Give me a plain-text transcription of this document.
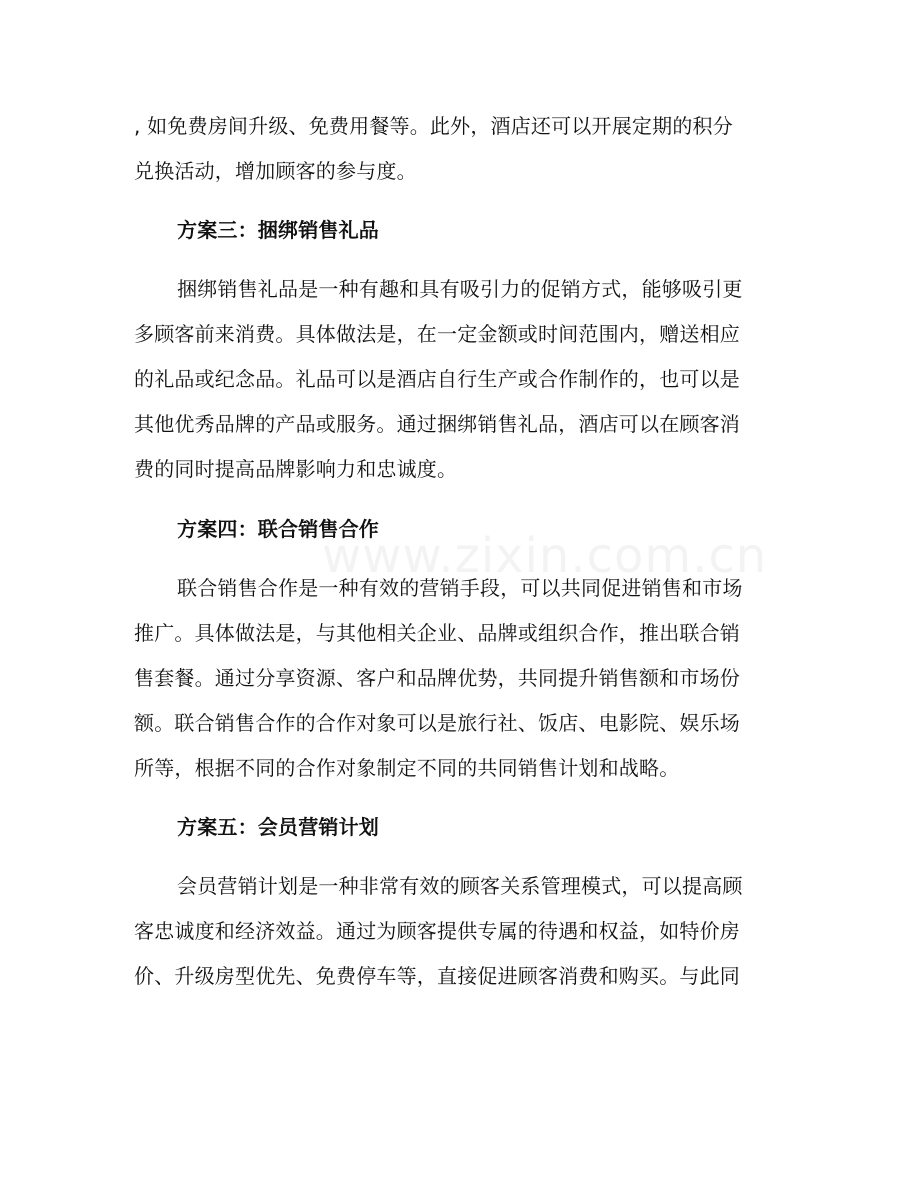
www.zixin.com.cn
, 如免费房间升级、免费用餐等。此外，酒店还可以开展定期的积分
兑换活动，增加顾客的参与度。
方案三：捆绑销售礼品
捆绑销售礼品是一种有趣和具有吸引力的促销方式，能够吸引更
多顾客前来消费。具体做法是，在一定金额或时间范围内，赠送相应
的礼品或纪念品。礼品可以是酒店自行生产或合作制作的，也可以是
其他优秀品牌的产品或服务。通过捆绑销售礼品，酒店可以在顾客消
费的同时提高品牌影响力和忠诚度。
方案四：联合销售合作
联合销售合作是一种有效的营销手段，可以共同促进销售和市场
推广。具体做法是，与其他相关企业、品牌或组织合作，推出联合销
售套餐。通过分享资源、客户和品牌优势，共同提升销售额和市场份
额。联合销售合作的合作对象可以是旅行社、饭店、电影院、娱乐场
所等，根据不同的合作对象制定不同的共同销售计划和战略。
方案五：会员营销计划
会员营销计划是一种非常有效的顾客关系管理模式，可以提高顾
客忠诚度和经济效益。通过为顾客提供专属的待遇和权益，如特价房
价、升级房型优先、免费停车等，直接促进顾客消费和购买。与此同
